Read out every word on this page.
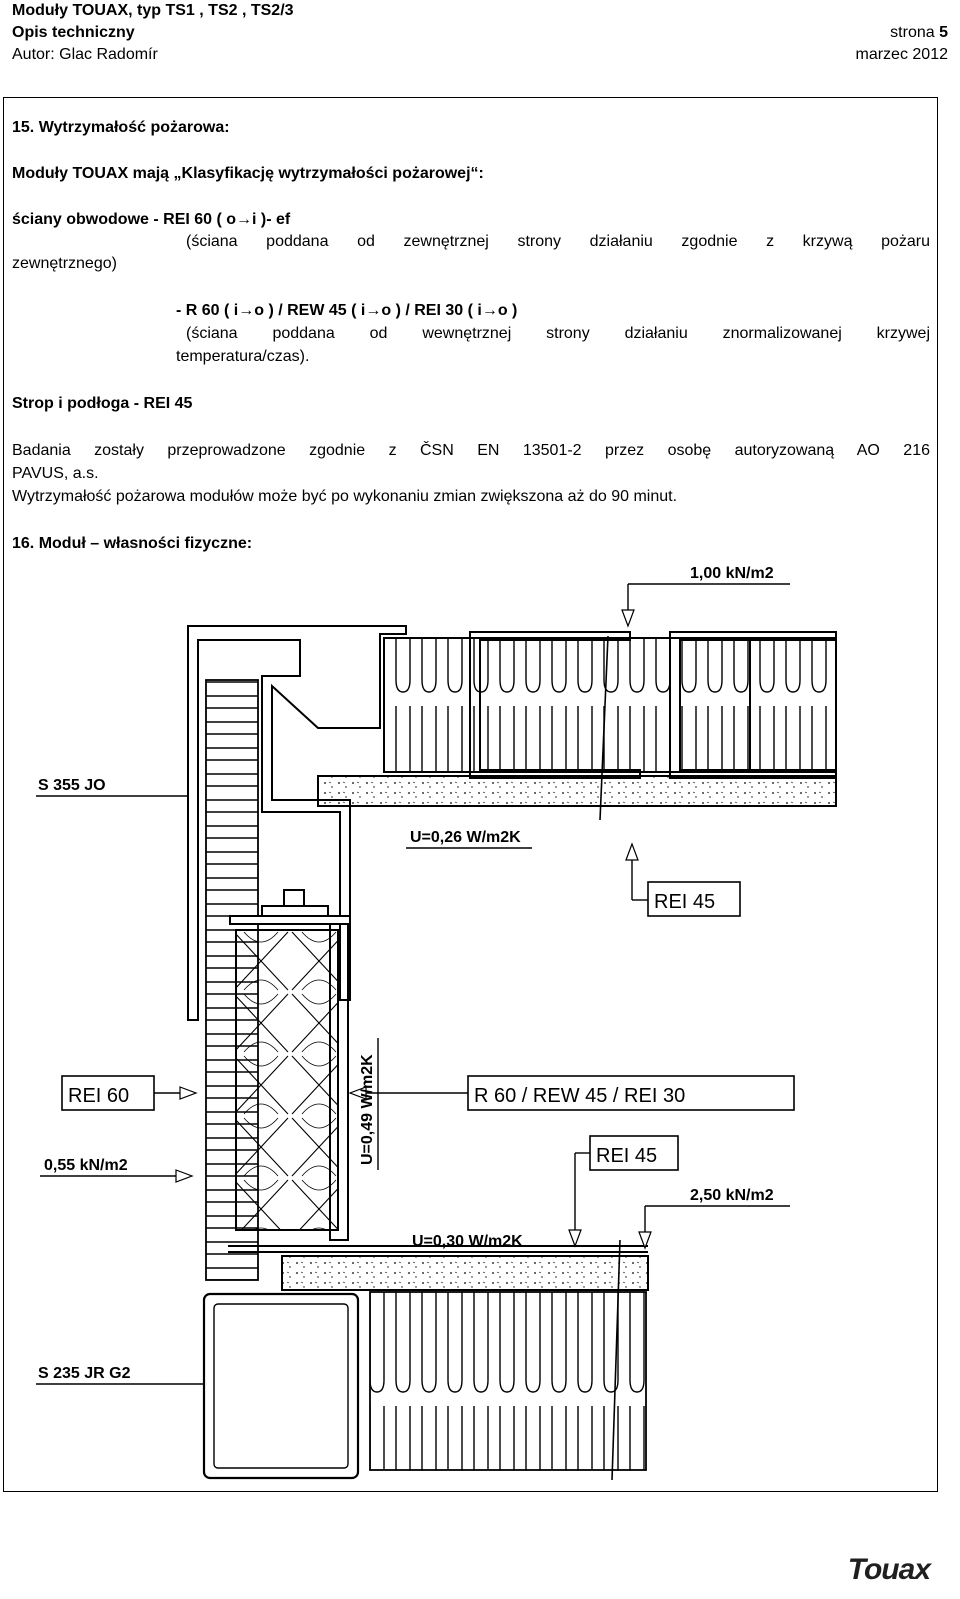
Moduły TOUAX, typ TS1 , TS2 , TS2/3
Opis techniczny	strona 5
Autor: Glac Radomír	marzec 2012
15. Wytrzymałość pożarowa:
Moduły TOUAX mają „Klasyfikację wytrzymałości pożarowej“:
ściany obwodowe - REI 60 ( o→i )- ef
(ściana poddana od zewnętrznej strony działaniu zgodnie z krzywą pożaru
zewnętrznego)
- R 60 ( i→o ) / REW 45 ( i→o ) / REI 30 ( i→o )
(ściana poddana od wewnętrznej strony działaniu znormalizowanej krzywej
temperatura/czas).
Strop i podłoga - REI 45
Badania zostały przeprowadzone zgodnie z ČSN EN 13501-2 przez osobę autoryzowaną AO 216
PAVUS, a.s.
Wytrzymałość pożarowa modułów może być po wykonaniu zmian zwiększona aż do 90 minut.
16. Moduł – własności fizyczne:
1,00 kN/m2
S 355 JO
U=0,26 W/m2K
REI 45
REI 60	R 60 / REW 45 / REI 30
U=0,49 W/m2K
0,55 kN/m2	REI 45
2,50 kN/m2
U=0,30 W/m2K
S 235 JR G2
Touax
